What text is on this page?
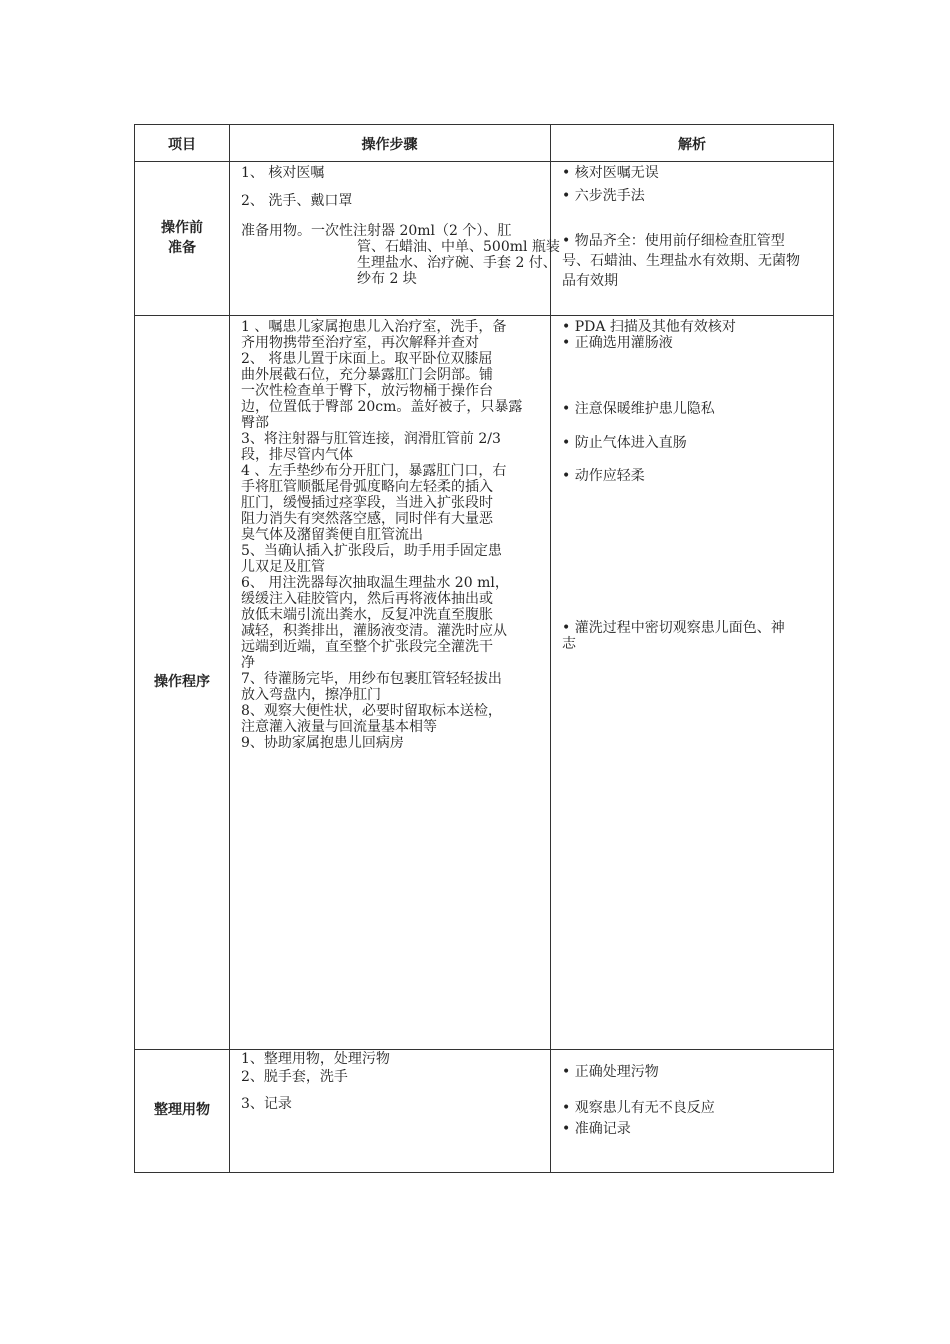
项目	操作步骤	解析
操作前
准备
1、 核对医嘱
2、 洗手、戴口罩
准备用物。一次性注射器 20ml（2 个）、肛
管、石蜡油、中单、500ml 瓶装
生理盐水、治疗碗、手套 2 付、
纱布 2 块
• 核对医嘱无误
• 六步洗手法
• 物品齐全：使用前仔细检查肛管型
号、石蜡油、生理盐水有效期、无菌物
品有效期
操作程序
1 、嘱患儿家属抱患儿入治疗室，洗手，备
齐用物携带至治疗室，再次解释并查对
2、 将患儿置于床面上。取平卧位双膝屈
曲外展截石位，充分暴露肛门会阴部。铺
一次性检查单于臀下，放污物桶于操作台
边，位置低于臀部 20cm。盖好被子，只暴露
臀部
3、将注射器与肛管连接，润滑肛管前 2/3
段，排尽管内气体
4 、左手垫纱布分开肛门，暴露肛门口，右
手将肛管顺骶尾骨弧度略向左轻柔的插入
肛门，缓慢插过痉挛段，当进入扩张段时
阻力消失有突然落空感，同时伴有大量恶
臭气体及潴留粪便自肛管流出
5、当确认插入扩张段后，助手用手固定患
儿双足及肛管
6、 用注洗器每次抽取温生理盐水 20 ml，
缓缓注入硅胶管内，然后再将液体抽出或
放低末端引流出粪水，反复冲洗直至腹胀
减轻，积粪排出，灌肠液变清。灌洗时应从
远端到近端，直至整个扩张段完全灌洗干
净
7、待灌肠完毕，用纱布包裹肛管轻轻拔出
放入弯盘内，擦净肛门
8、观察大便性状，必要时留取标本送检，
注意灌入液量与回流量基本相等
9、协助家属抱患儿回病房
• PDA 扫描及其他有效核对
• 正确选用灌肠液
• 注意保暖维护患儿隐私
• 防止气体进入直肠
• 动作应轻柔
• 灌洗过程中密切观察患儿面色、神
志
整理用物
1、整理用物，处理污物
2、脱手套，洗手
3、记录
• 正确处理污物
• 观察患儿有无不良反应
• 准确记录
